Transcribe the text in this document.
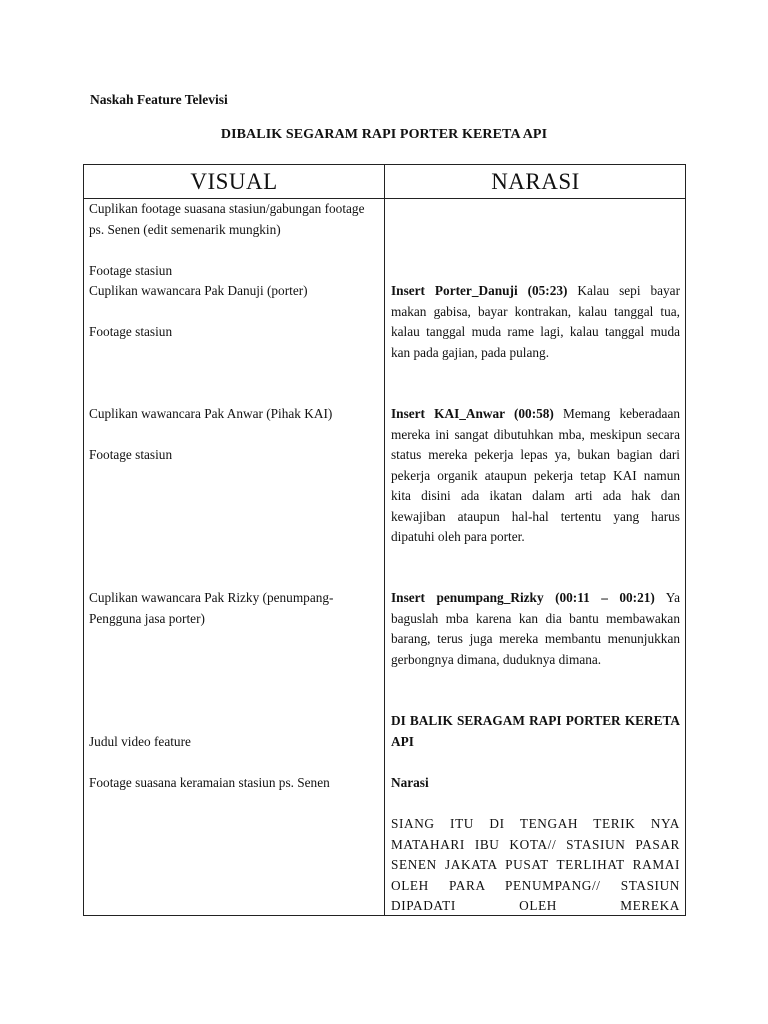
Naskah Feature Televisi
DIBALIK SEGARAM RAPI PORTER KERETA API
VISUAL	NARASI
Cuplikan footage suasana stasiun/gabungan footage ps. Senen (edit semenarik mungkin)
Footage stasiun
Cuplikan wawancara Pak Danuji (porter)
Footage stasiun
Cuplikan wawancara Pak Anwar (Pihak KAI)
Footage stasiun
Cuplikan wawancara Pak Rizky (penumpang-Pengguna jasa porter)
Judul video feature
Footage suasana keramaian stasiun ps. Senen
Insert Porter_Danuji (05:23) Kalau sepi bayar makan gabisa, bayar kontrakan, kalau tanggal tua, kalau tanggal muda rame lagi, kalau tanggal muda kan pada gajian, pada pulang.
Insert KAI_Anwar (00:58) Memang keberadaan mereka ini sangat dibutuhkan mba, meskipun secara status mereka pekerja lepas ya, bukan bagian dari pekerja organik ataupun pekerja tetap KAI namun kita disini ada ikatan dalam arti ada hak dan kewajiban ataupun hal-hal tertentu yang harus dipatuhi oleh para porter.
Insert penumpang_Rizky (00:11 – 00:21) Ya baguslah mba karena kan dia bantu membawakan barang, terus juga mereka membantu menunjukkan gerbongnya dimana, duduknya dimana.
DI BALIK SERAGAM RAPI PORTER KERETA API
Narasi
SIANG ITU DI TENGAH TERIK NYA MATAHARI IBU KOTA// STASIUN PASAR SENEN JAKATA PUSAT TERLIHAT RAMAI OLEH PARA PENUMPANG// STASIUN DIPADATI OLEH MEREKA
